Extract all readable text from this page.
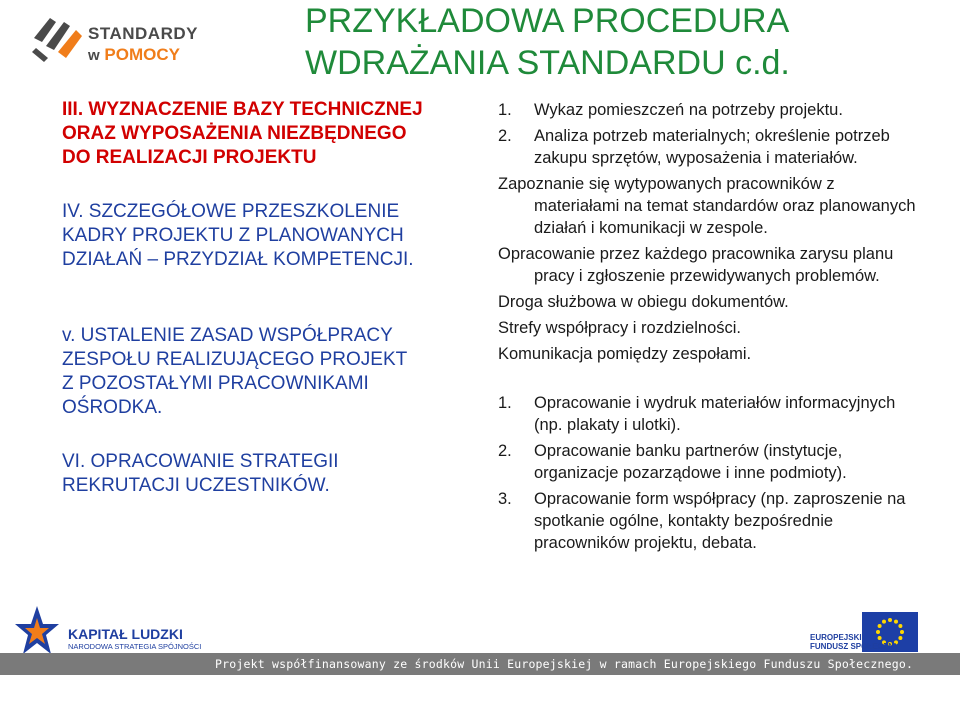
STANDARDY
w POMOCY
PRZYKŁADOWA PROCEDURA
WDRAŻANIA STANDARDU c.d.
III. WYZNACZENIE BAZY TECHNICZNEJ
ORAZ WYPOSAŻENIA NIEZBĘDNEGO
DO REALIZACJI PROJEKTU
IV. SZCZEGÓŁOWE PRZESZKOLENIE
KADRY PROJEKTU Z PLANOWANYCH
DZIAŁAŃ – PRZYDZIAŁ KOMPETENCJI.
v. USTALENIE ZASAD WSPÓŁPRACY
ZESPOŁU REALIZUJĄCEGO PROJEKT
Z POZOSTAŁYMI PRACOWNIKAMI
OŚRODKA.
VI. OPRACOWANIE STRATEGII
REKRUTACJI UCZESTNIKÓW.
1.	Wykaz pomieszczeń na potrzeby projektu.
2.	Analiza potrzeb materialnych; określenie potrzeb zakupu sprzętów, wyposażenia i materiałów.
Zapoznanie się wytypowanych pracowników z materiałami na temat standardów oraz planowanych działań i komunikacji w zespole.
Opracowanie przez każdego pracownika zarysu planu pracy i zgłoszenie przewidywanych problemów.
Droga służbowa w obiegu dokumentów.
Strefy współpracy i rozdzielności.
Komunikacja pomiędzy zespołami.
1.	Opracowanie i wydruk materiałów informacyjnych (np. plakaty i ulotki).
2.	Opracowanie banku partnerów (instytucje, organizacje pozarządowe i inne podmioty).
3.	Opracowanie form współpracy (np. zaproszenie na spotkanie ogólne, kontakty bezpośrednie pracowników projektu, debata.
KAPITAŁ LUDZKI
NARODOWA STRATEGIA SPÓJNOŚCI
Projekt współfinansowany ze środków Unii Europejskiej w ramach Europejskiego Funduszu Społecznego.
EUROPEJSKI
FUNDUSZ SPOŁECZNY
